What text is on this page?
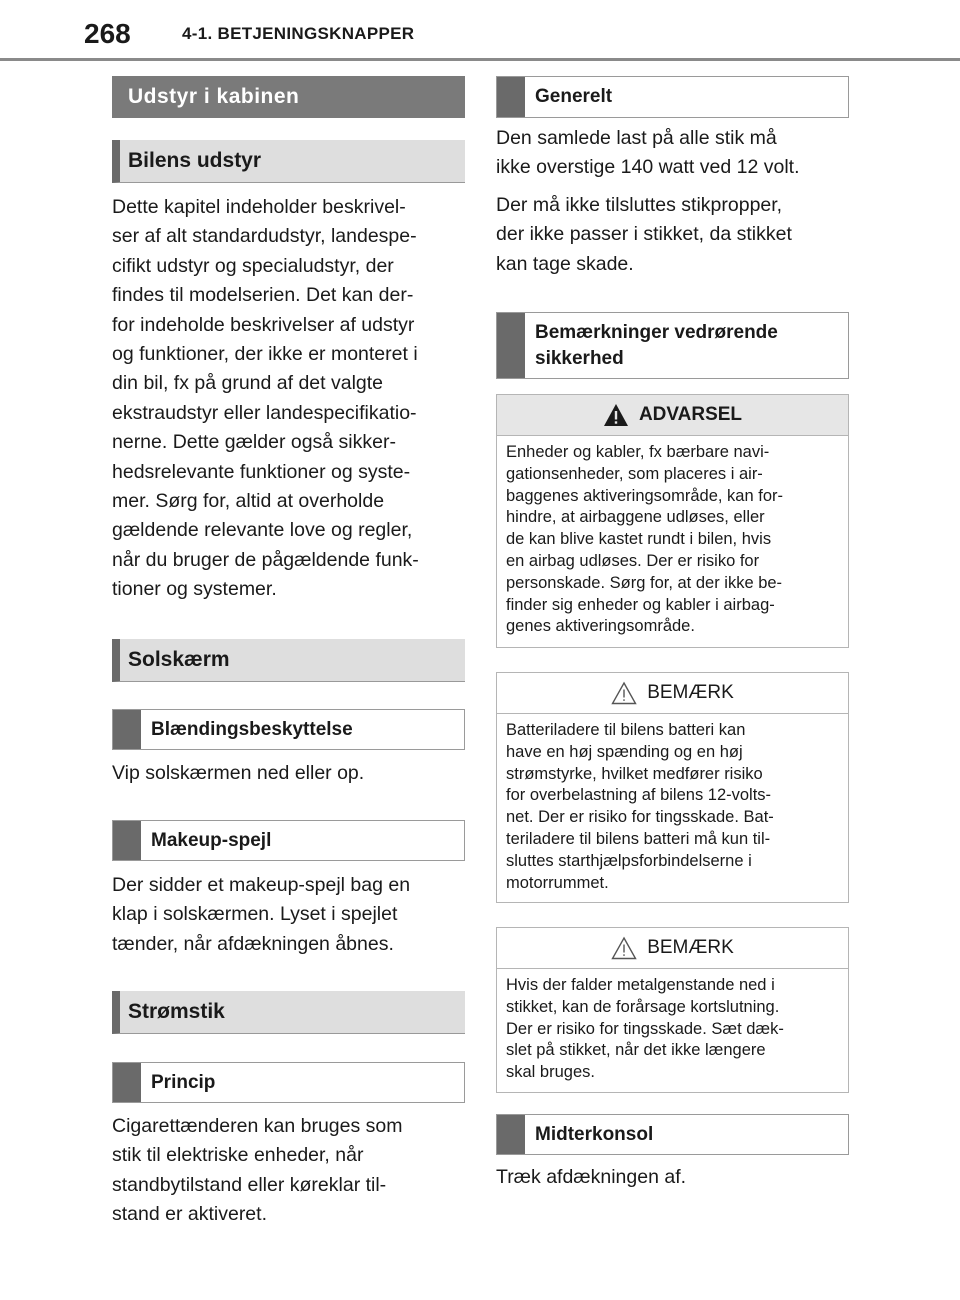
268	4-1. BETJENINGSKNAPPER
Udstyr i kabinen
Bilens udstyr
Dette kapitel indeholder beskrivel-
ser af alt standardudstyr, landespe-
cifikt udstyr og specialudstyr, der
findes til modelserien. Det kan der-
for indeholde beskrivelser af udstyr
og funktioner, der ikke er monteret i
din bil, fx på grund af det valgte
ekstraudstyr eller landespecifikatio-
nerne. Dette gælder også sikker-
hedsrelevante funktioner og syste-
mer. Sørg for, altid at overholde
gældende relevante love og regler,
når du bruger de pågældende funk-
tioner og systemer.
Solskærm
Blændingsbeskyttelse
Vip solskærmen ned eller op.
Makeup-spejl
Der sidder et makeup-spejl bag en
klap i solskærmen. Lyset i spejlet
tænder, når afdækningen åbnes.
Strømstik
Princip
Cigarettænderen kan bruges som
stik til elektriske enheder, når
standbytilstand eller køreklar til-
stand er aktiveret.
Generelt
Den samlede last på alle stik må
ikke overstige 140 watt ved 12 volt.
Der må ikke tilsluttes stikpropper,
der ikke passer i stikket, da stikket
kan tage skade.
Bemærkninger vedrørende
sikkerhed
ADVARSEL
Enheder og kabler, fx bærbare navi-
gationsenheder, som placeres i air-
baggenes aktiveringsområde, kan for-
hindre, at airbaggene udløses, eller
de kan blive kastet rundt i bilen, hvis
en airbag udløses. Der er risiko for
personskade. Sørg for, at der ikke be-
finder sig enheder og kabler i airbag-
genes aktiveringsområde.
BEMÆRK
Batteriladere til bilens batteri kan
have en høj spænding og en høj
strømstyrke, hvilket medfører risiko
for overbelastning af bilens 12-volts-
net. Der er risiko for tingsskade. Bat-
teriladere til bilens batteri må kun til-
sluttes starthjælpsforbindelserne i
motorrummet.
BEMÆRK
Hvis der falder metalgenstande ned i
stikket, kan de forårsage kortslutning.
Der er risiko for tingsskade. Sæt dæk-
slet på stikket, når det ikke længere
skal bruges.
Midterkonsol
Træk afdækningen af.
